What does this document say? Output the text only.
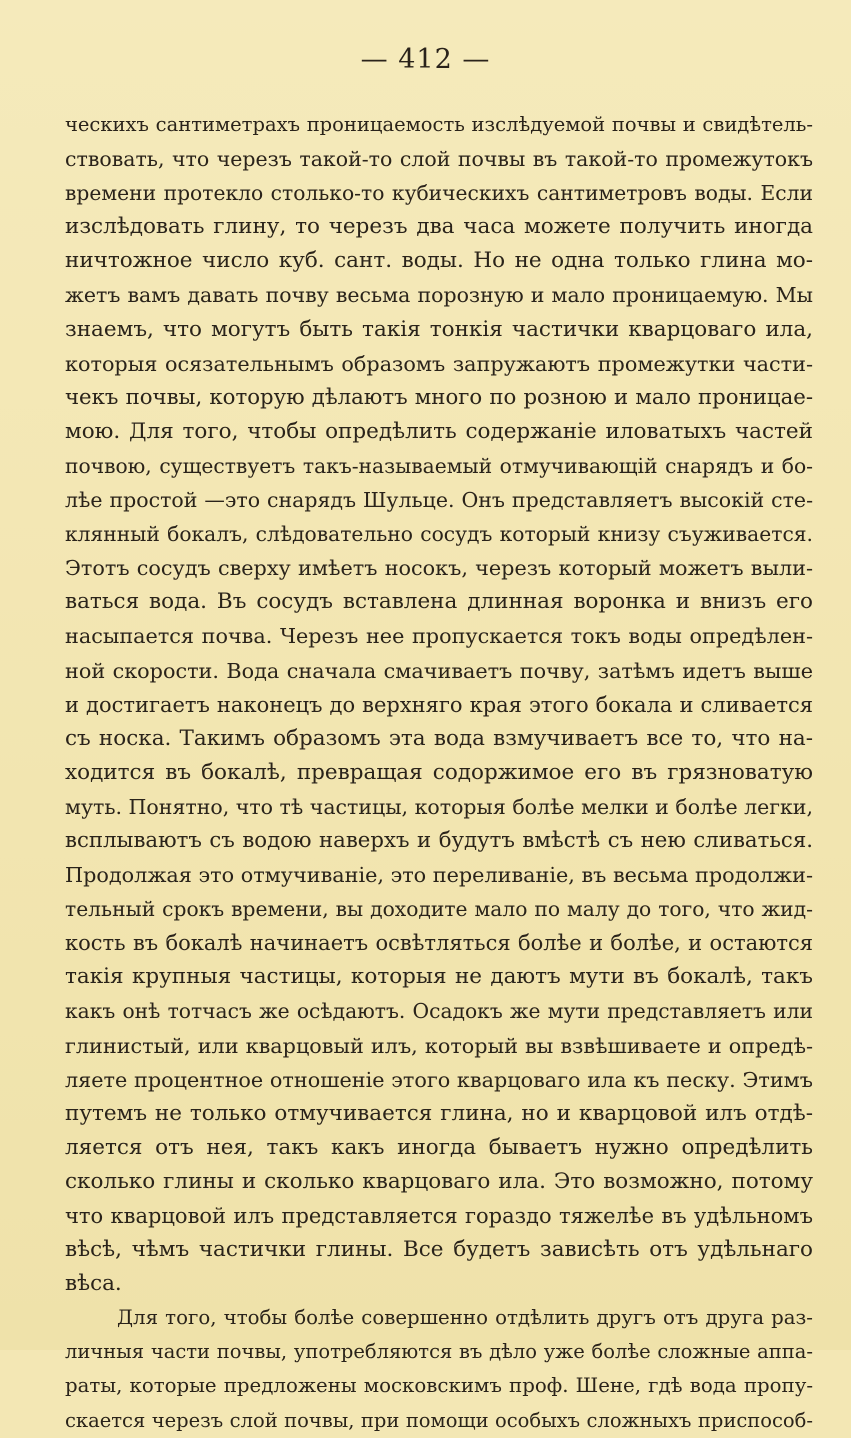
— 412 —
ческихъ сантиметрахъ проницаемость изслѣдуемой почвы и свидѣтель-
ствовать, что черезъ такой-то слой почвы въ такой-то промежутокъ
времени протекло столько-то кубическихъ сантиметровъ воды. Если
изслѣдовать глину, то черезъ два часа можете получить иногда
ничтожное число куб. сант. воды. Но не одна только глина мо-
жетъ вамъ давать почву весьма порозную и мало проницаемую. Мы
знаемъ, что могутъ быть такія тонкія частички кварцоваго ила,
которыя осязательнымъ образомъ запружаютъ промежутки части-
чекъ почвы, которую дѣлаютъ много по розною и мало проницае-
мою. Для того, чтобы опредѣлить содержаніе иловатыхъ частей
почвою, существуетъ такъ-называемый отмучивающій снарядъ и бо-
лѣе простой —это снарядъ Шульце. Онъ представляетъ высокій сте-
клянный бокалъ, слѣдовательно сосудъ который книзу съуживается.
Этотъ сосудъ сверху имѣетъ носокъ, черезъ который можетъ выли-
ваться вода. Въ сосудъ вставлена длинная воронка и внизъ его
насыпается почва. Черезъ нее пропускается токъ воды опредѣлен-
ной скорости. Вода сначала смачиваетъ почву, затѣмъ идетъ выше
и достигаетъ наконецъ до верхняго края этого бокала и сливается
съ носка. Такимъ образомъ эта вода взмучиваетъ все то, что на-
ходится въ бокалѣ, превращая содоржимое его въ грязноватую
муть. Понятно, что тѣ частицы, которыя болѣе мелки и болѣе легки,
всплываютъ съ водою наверхъ и будутъ вмѣстѣ съ нею сливаться.
Продолжая это отмучиваніе, это переливаніе, въ весьма продолжи-
тельный срокъ времени, вы доходите мало по малу до того, что жид-
кость въ бокалѣ начинаетъ освѣтляться болѣе и болѣе, и остаются
такія крупныя частицы, которыя не даютъ мути въ бокалѣ, такъ
какъ онѣ тотчасъ же осѣдаютъ. Осадокъ же мути представляетъ или
глинистый, или кварцовый илъ, который вы взвѣшиваете и опредѣ-
ляете процентное отношеніе этого кварцоваго ила къ песку. Этимъ
путемъ не только отмучивается глина, но и кварцовой илъ отдѣ-
ляется отъ нея, такъ какъ иногда бываетъ нужно опредѣлить
сколько глины и сколько кварцоваго ила. Это возможно, потому
что кварцовой илъ представляется гораздо тяжелѣе въ удѣльномъ
вѣсѣ, чѣмъ частички глины. Все будетъ зависѣть отъ удѣльнаго
вѣса.
Для того, чтобы болѣе совершенно отдѣлить другъ отъ друга раз-
личныя части почвы, употребляются въ дѣло уже болѣе сложные аппа-
раты, которые предложены московскимъ проф. Шене, гдѣ вода пропу-
скается черезъ слой почвы, при помощи особыхъ сложныхъ приспособ-
